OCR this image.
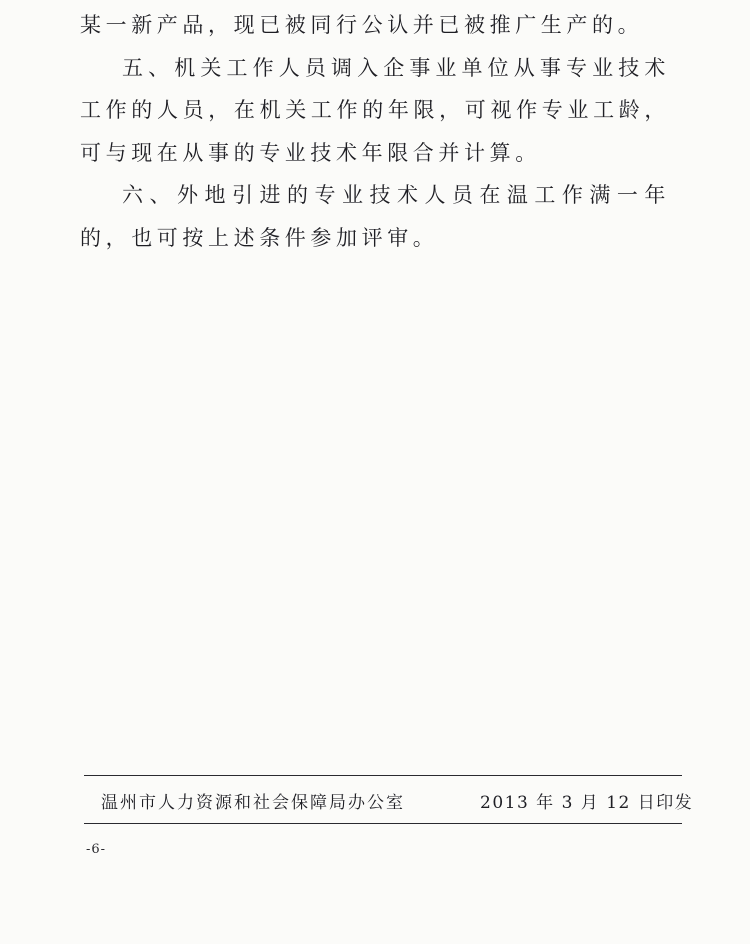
某一新产品，现已被同行公认并已被推广生产的。

五、机关工作人员调入企事业单位从事专业技术工作的人员，在机关工作的年限，可视作专业工龄，可与现在从事的专业技术年限合并计算。

六、外地引进的专业技术人员在温工作满一年的，也可按上述条件参加评审。

温州市人力资源和社会保障局办公室	2013 年 3 月 12 日印发
-6-
